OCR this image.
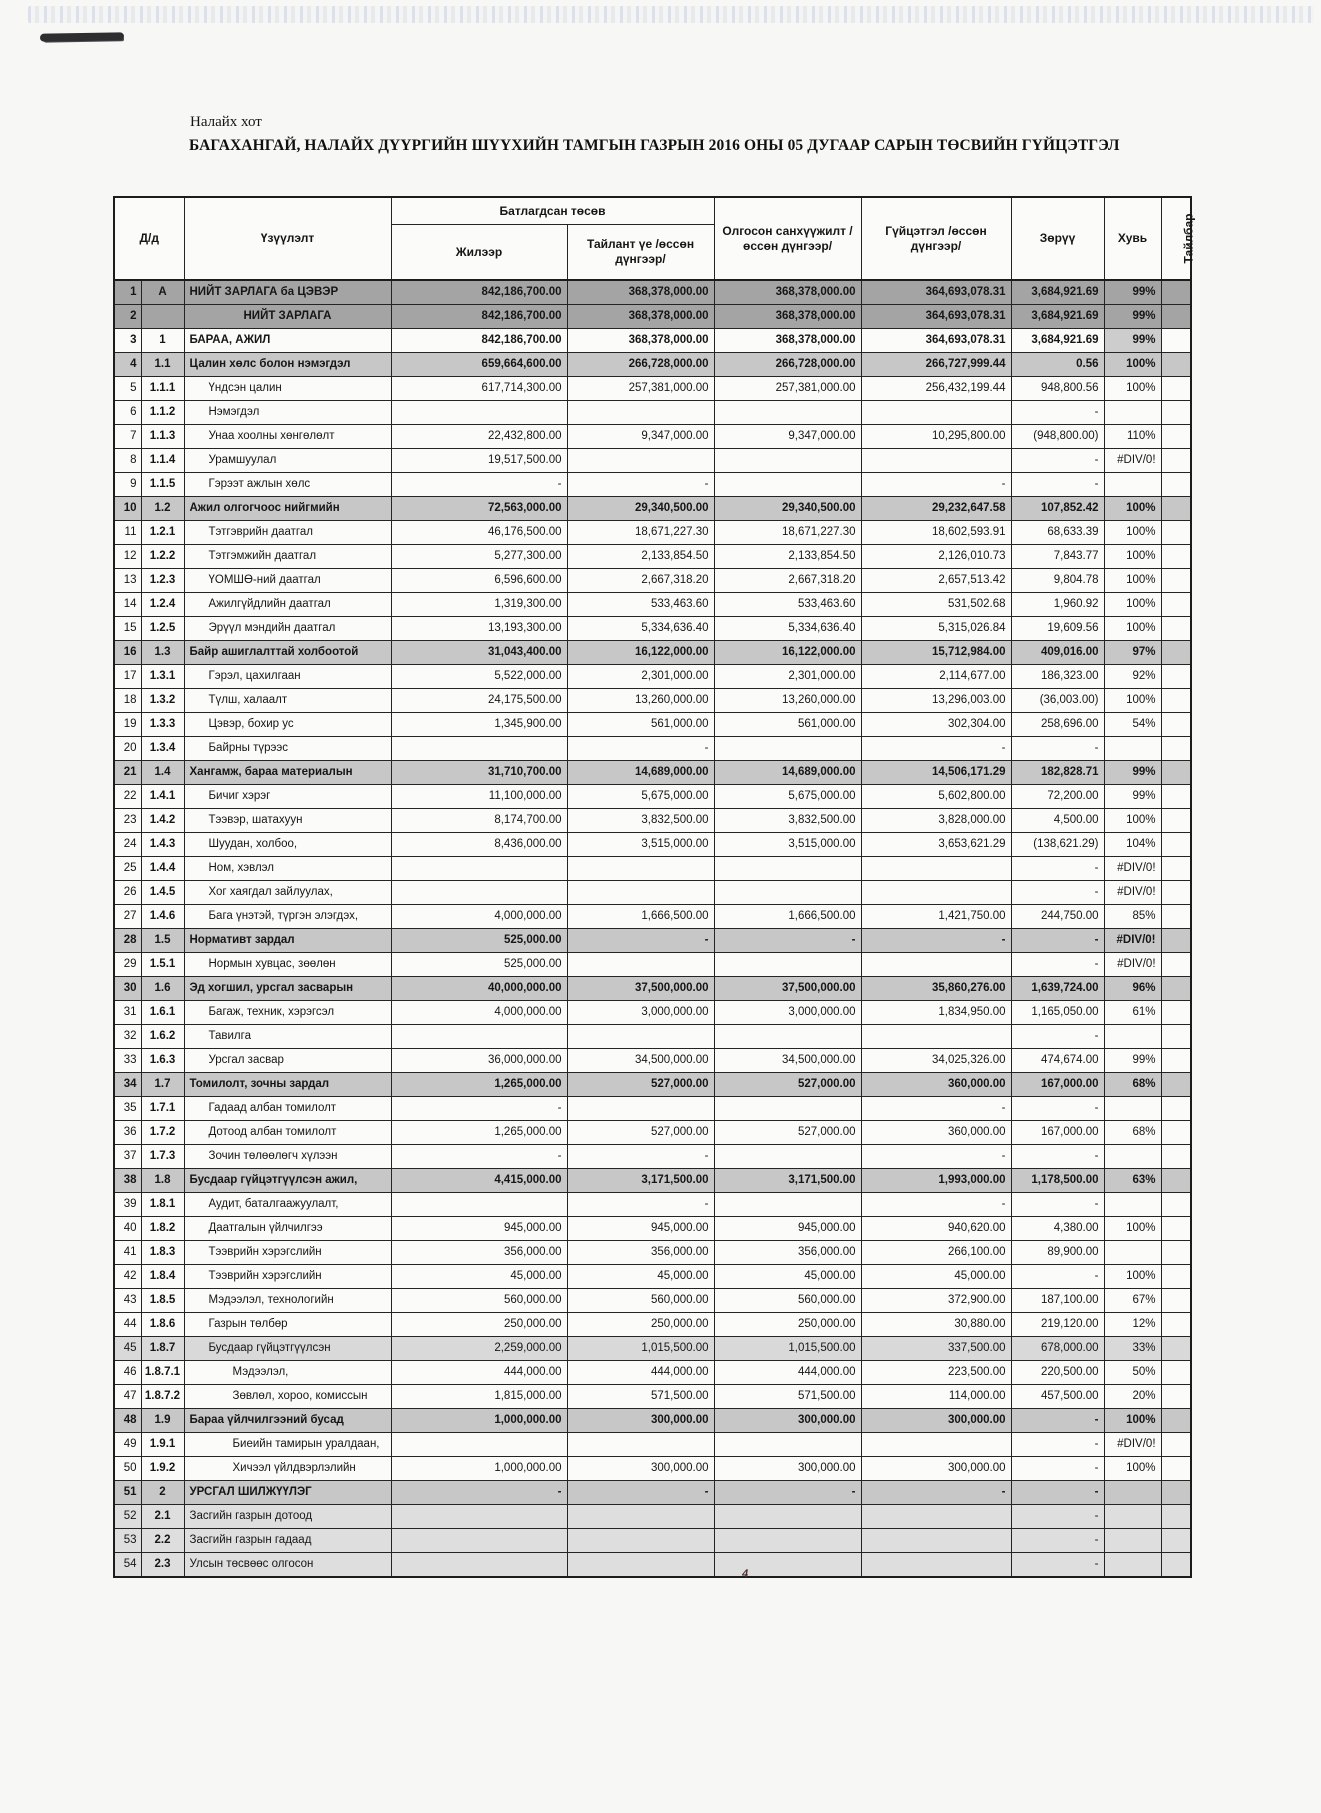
Налайх хот
БАГАХАНГАЙ, НАЛАЙХ ДҮҮРГИЙН ШҮҮХИЙН ТАМГЫН ГАЗРЫН 2016 ОНЫ 05 ДУГААР САРЫН ТӨСВИЙН ГҮЙЦЭТГЭЛ
Д/д		Үзүүлэлт	Батлагдсан төсөв		Олгосон санхүүжилт /өссөн дүнгээр/	Гүйцэтгэл /өссөн дүнгээр/	Зөрүү	Хувь	Тайлбар
			Жилээр	Тайлант үе /өссөн дүнгээр/					
1	А	НИЙТ ЗАРЛАГА ба ЦЭВЭР	842,186,700.00	368,378,000.00	368,378,000.00	364,693,078.31	3,684,921.69	99%	
2		НИЙТ ЗАРЛАГА	842,186,700.00	368,378,000.00	368,378,000.00	364,693,078.31	3,684,921.69	99%	
3	1	БАРАА, АЖИЛ	842,186,700.00	368,378,000.00	368,378,000.00	364,693,078.31	3,684,921.69	99%	
4	1.1	Цалин хөлс болон нэмэгдэл	659,664,600.00	266,728,000.00	266,728,000.00	266,727,999.44	0.56	100%	
5	1.1.1	Үндсэн цалин	617,714,300.00	257,381,000.00	257,381,000.00	256,432,199.44	948,800.56	100%	
6	1.1.2	Нэмэгдэл					-		
7	1.1.3	Унаа хоолны хөнгөлөлт	22,432,800.00	9,347,000.00	9,347,000.00	10,295,800.00	(948,800.00)	110%	
8	1.1.4	Урамшуулал	19,517,500.00				-	#DIV/0!	
9	1.1.5	Гэрээт ажлын хөлс	-	-		-	-		
10	1.2	Ажил олгогчоос нийгмийн	72,563,000.00	29,340,500.00	29,340,500.00	29,232,647.58	107,852.42	100%	
11	1.2.1	Тэтгэврийн даатгал	46,176,500.00	18,671,227.30	18,671,227.30	18,602,593.91	68,633.39	100%	
12	1.2.2	Тэтгэмжийн даатгал	5,277,300.00	2,133,854.50	2,133,854.50	2,126,010.73	7,843.77	100%	
13	1.2.3	ҮОМШӨ-ний даатгал	6,596,600.00	2,667,318.20	2,667,318.20	2,657,513.42	9,804.78	100%	
14	1.2.4	Ажилгүйдлийн даатгал	1,319,300.00	533,463.60	533,463.60	531,502.68	1,960.92	100%	
15	1.2.5	Эрүүл мэндийн даатгал	13,193,300.00	5,334,636.40	5,334,636.40	5,315,026.84	19,609.56	100%	
16	1.3	Байр ашиглалттай холбоотой	31,043,400.00	16,122,000.00	16,122,000.00	15,712,984.00	409,016.00	97%	
17	1.3.1	Гэрэл, цахилгаан	5,522,000.00	2,301,000.00	2,301,000.00	2,114,677.00	186,323.00	92%	
18	1.3.2	Түлш, халаалт	24,175,500.00	13,260,000.00	13,260,000.00	13,296,003.00	(36,003.00)	100%	
19	1.3.3	Цэвэр, бохир ус	1,345,900.00	561,000.00	561,000.00	302,304.00	258,696.00	54%	
20	1.3.4	Байрны түрээс		-		-	-		
21	1.4	Хангамж, бараа материалын	31,710,700.00	14,689,000.00	14,689,000.00	14,506,171.29	182,828.71	99%	
22	1.4.1	Бичиг хэрэг	11,100,000.00	5,675,000.00	5,675,000.00	5,602,800.00	72,200.00	99%	
23	1.4.2	Тээвэр, шатахуун	8,174,700.00	3,832,500.00	3,832,500.00	3,828,000.00	4,500.00	100%	
24	1.4.3	Шуудан, холбоо,	8,436,000.00	3,515,000.00	3,515,000.00	3,653,621.29	(138,621.29)	104%	
25	1.4.4	Ном, хэвлэл					-	#DIV/0!	
26	1.4.5	Хог хаягдал зайлуулах,					-	#DIV/0!	
27	1.4.6	Бага үнэтэй, түргэн элэгдэх,	4,000,000.00	1,666,500.00	1,666,500.00	1,421,750.00	244,750.00	85%	
28	1.5	Нормативт зардал	525,000.00	-	-	-	-	#DIV/0!	
29	1.5.1	Нормын хувцас, зөөлөн	525,000.00				-	#DIV/0!	
30	1.6	Эд хогшил, урсгал засварын	40,000,000.00	37,500,000.00	37,500,000.00	35,860,276.00	1,639,724.00	96%	
31	1.6.1	Багаж, техник, хэрэгсэл	4,000,000.00	3,000,000.00	3,000,000.00	1,834,950.00	1,165,050.00	61%	
32	1.6.2	Тавилга					-		
33	1.6.3	Урсгал засвар	36,000,000.00	34,500,000.00	34,500,000.00	34,025,326.00	474,674.00	99%	
34	1.7	Томилолт, зочны зардал	1,265,000.00	527,000.00	527,000.00	360,000.00	167,000.00	68%	
35	1.7.1	Гадаад албан томилолт	-			-	-		
36	1.7.2	Дотоод албан томилолт	1,265,000.00	527,000.00	527,000.00	360,000.00	167,000.00	68%	
37	1.7.3	Зочин төлөөлөгч хүлээн	-	-		-	-		
38	1.8	Бусдаар гүйцэтгүүлсэн ажил,	4,415,000.00	3,171,500.00	3,171,500.00	1,993,000.00	1,178,500.00	63%	
39	1.8.1	Аудит, баталгаажуулалт,		-		-	-		
40	1.8.2	Даатгалын үйлчилгээ	945,000.00	945,000.00	945,000.00	940,620.00	4,380.00	100%	
41	1.8.3	Тээврийн хэрэгслийн	356,000.00	356,000.00	356,000.00	266,100.00	89,900.00		
42	1.8.4	Тээврийн хэрэгслийн	45,000.00	45,000.00	45,000.00	45,000.00	-	100%	
43	1.8.5	Мэдээлэл, технологийн	560,000.00	560,000.00	560,000.00	372,900.00	187,100.00	67%	
44	1.8.6	Газрын төлбөр	250,000.00	250,000.00	250,000.00	30,880.00	219,120.00	12%	
45	1.8.7	Бусдаар гүйцэтгүүлсэн	2,259,000.00	1,015,500.00	1,015,500.00	337,500.00	678,000.00	33%	
46	1.8.7.1	Мэдээлэл,	444,000.00	444,000.00	444,000.00	223,500.00	220,500.00	50%	
47	1.8.7.2	Зөвлөл, хороо, комиссын	1,815,000.00	571,500.00	571,500.00	114,000.00	457,500.00	20%	
48	1.9	Бараа үйлчилгээний бусад	1,000,000.00	300,000.00	300,000.00	300,000.00	-	100%	
49	1.9.1	Биеийн тамирын уралдаан,					-	#DIV/0!	
50	1.9.2	Хичээл үйлдвэрлэлийн	1,000,000.00	300,000.00	300,000.00	300,000.00	-	100%	
51	2	УРСГАЛ ШИЛЖҮҮЛЭГ	-	-	-	-	-		
52	2.1	Засгийн газрын дотоод					-		
53	2.2	Засгийн газрын гадаад					-		
54	2.3	Улсын төсвөөс олгосон					-		
4
